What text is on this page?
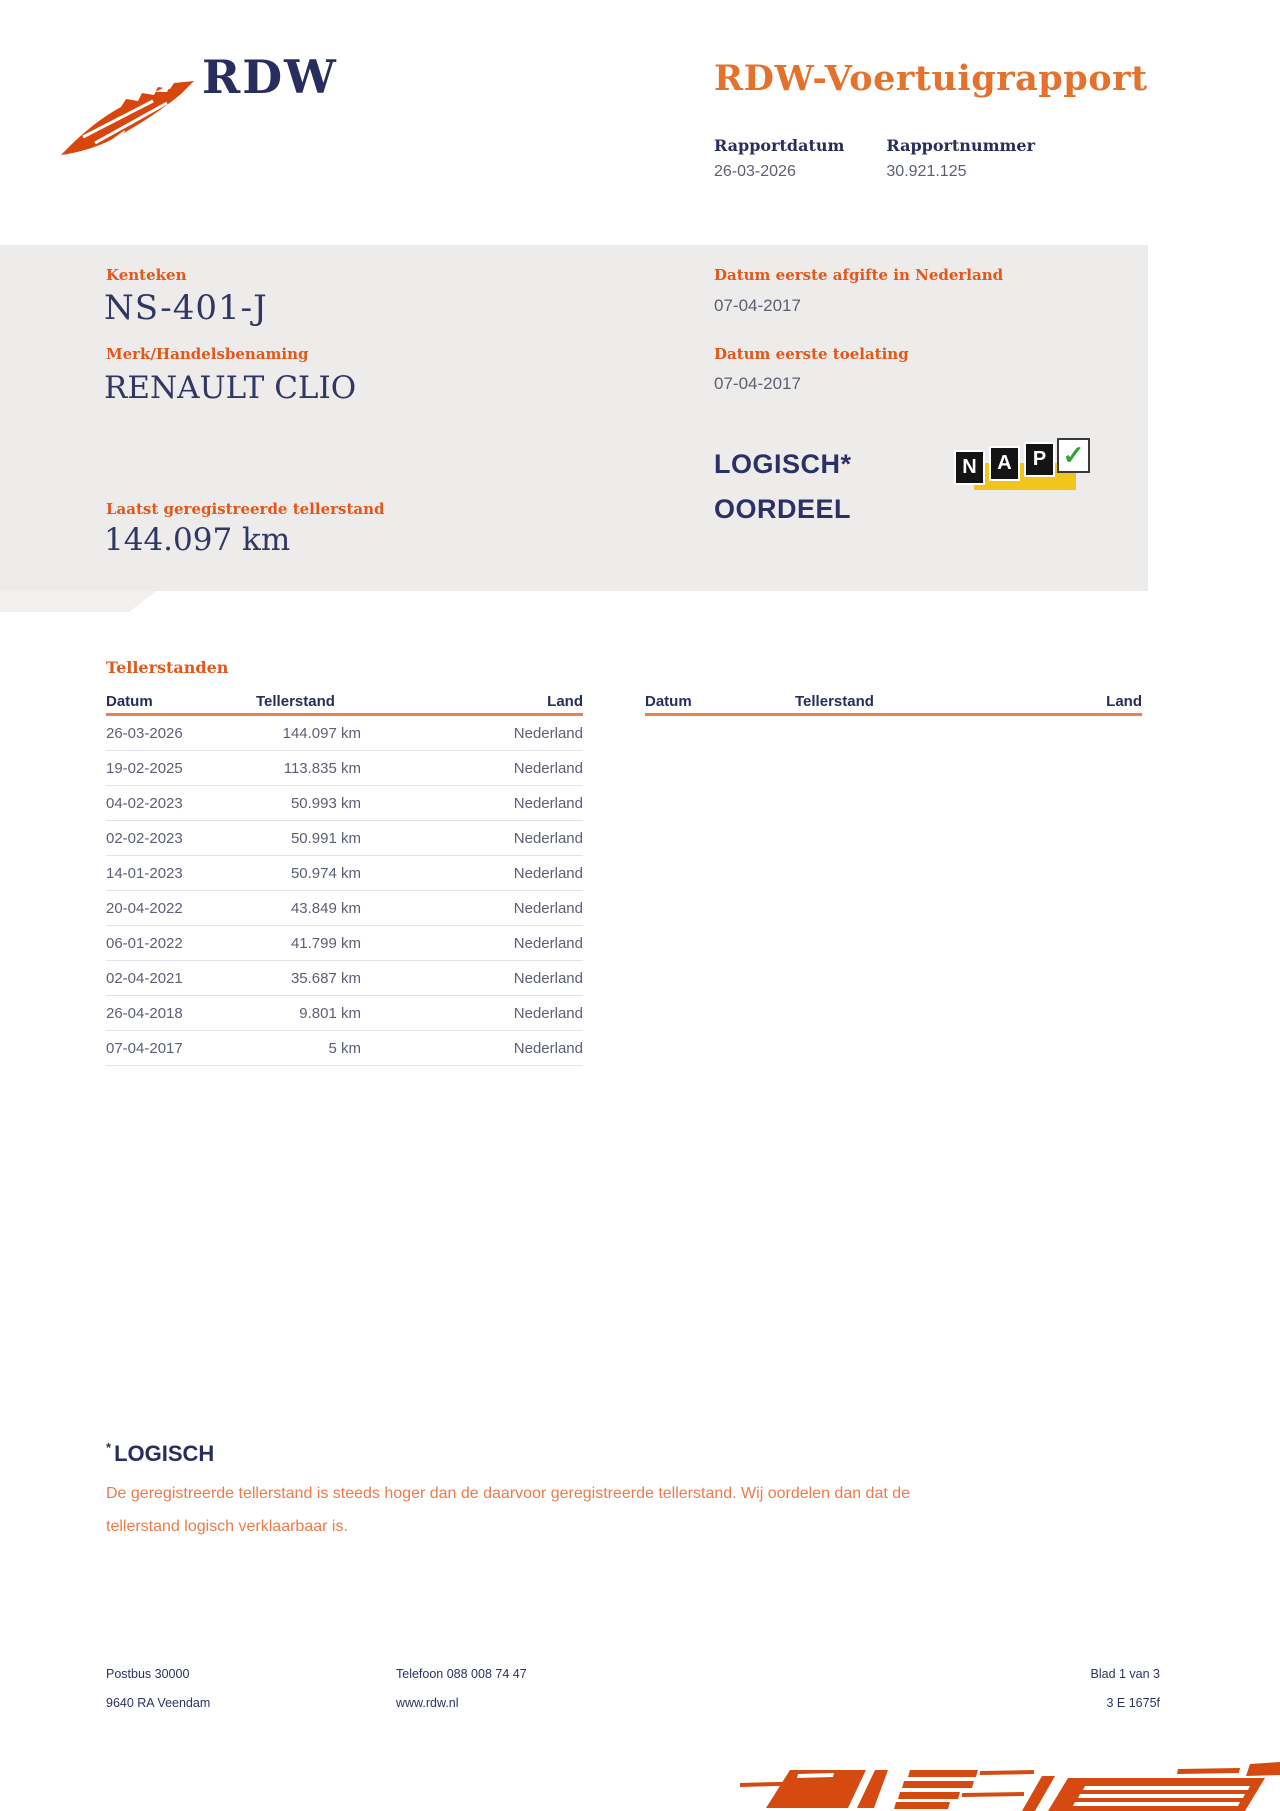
RDW	RDW-Voertuigrapport
Rapportdatum
26-03-2026
Rapportnummer
30.921.125
Kenteken
NS-401-J
Merk/Handelsbenaming
RENAULT CLIO
Laatst geregistreerde tellerstand
144.097 km
Datum eerste afgifte in Nederland
07-04-2017
Datum eerste toelating
07-04-2017
LOGISCH*
OORDEEL
N	A	P ✓
Tellerstanden
Datum	Tellerstand	Land
26-03-2026	144.097 km	Nederland
19-02-2025	113.835 km	Nederland
04-02-2023	50.993 km	Nederland
02-02-2023	50.991 km	Nederland
14-01-2023	50.974 km	Nederland
20-04-2022	43.849 km	Nederland
06-01-2022	41.799 km	Nederland
02-04-2021	35.687 km	Nederland
26-04-2018	9.801 km	Nederland
07-04-2017	5 km	Nederland
Datum	Tellerstand	Land
* LOGISCH
De geregistreerde tellerstand is steeds hoger dan de daarvoor geregistreerde tellerstand. Wij oordelen dan dat de tellerstand logisch verklaarbaar is.
Postbus 30000
9640 RA Veendam
Telefoon 088 008 74 47
www.rdw.nl
Blad 1 van 3
3 E 1675f
